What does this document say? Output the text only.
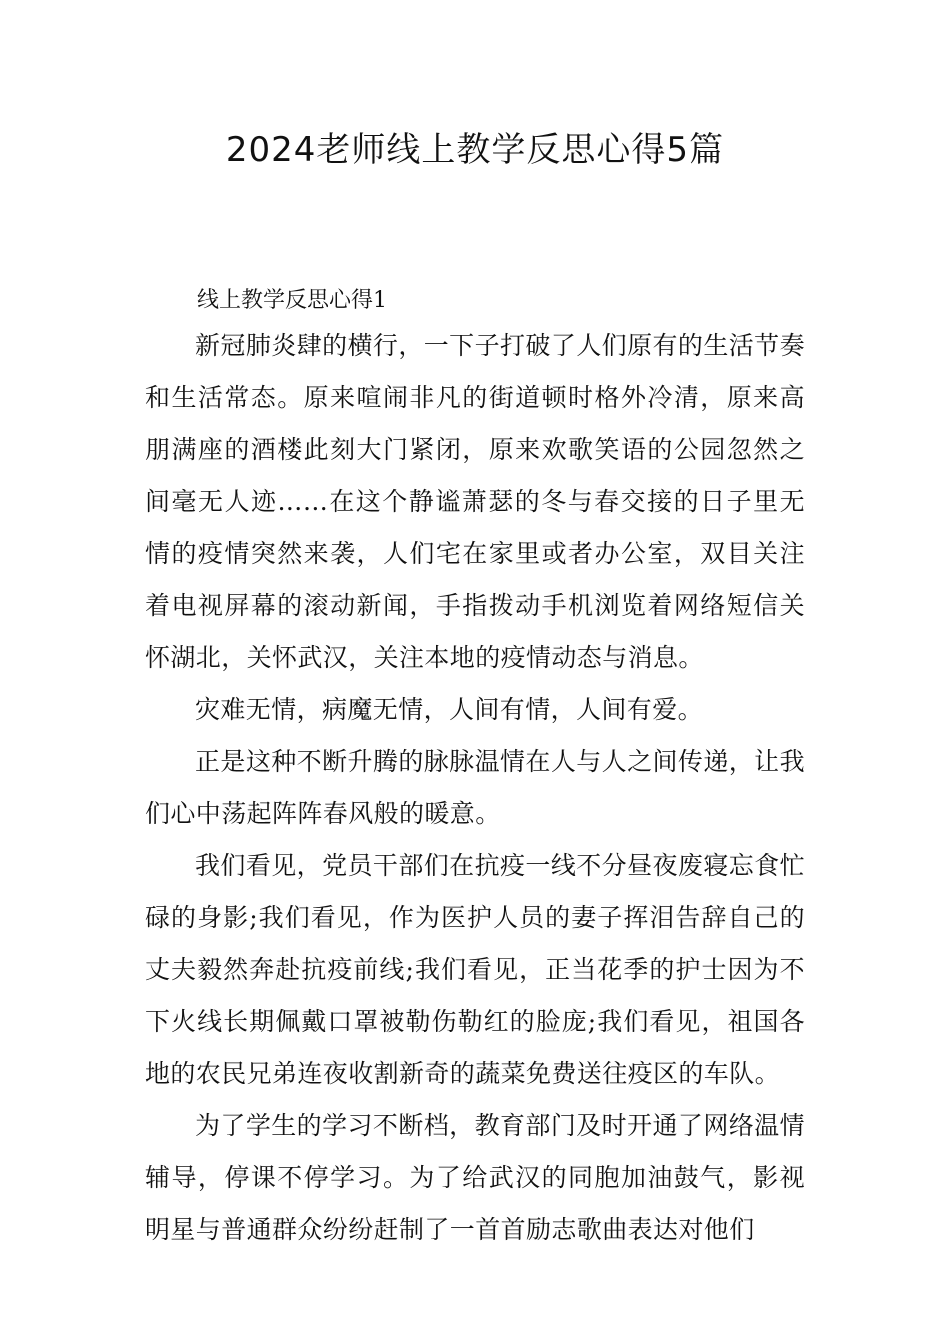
2024老师线上教学反思心得5篇

线上教学反思心得1

新冠肺炎肆的横行，一下子打破了人们原有的生活节奏和生活常态。原来喧闹非凡的街道顿时格外冷清，原来高朋满座的酒楼此刻大门紧闭，原来欢歌笑语的公园忽然之间毫无人迹……在这个静谧萧瑟的冬与春交接的日子里无情的疫情突然来袭，人们宅在家里或者办公室，双目关注着电视屏幕的滚动新闻，手指拨动手机浏览着网络短信关怀湖北，关怀武汉，关注本地的疫情动态与消息。

灾难无情，病魔无情，人间有情，人间有爱。

正是这种不断升腾的脉脉温情在人与人之间传递，让我们心中荡起阵阵春风般的暖意。

我们看见，党员干部们在抗疫一线不分昼夜废寝忘食忙碌的身影;我们看见，作为医护人员的妻子挥泪告辞自己的丈夫毅然奔赴抗疫前线;我们看见，正当花季的护士因为不下火线长期佩戴口罩被勒伤勒红的脸庞;我们看见，祖国各地的农民兄弟连夜收割新奇的蔬菜免费送往疫区的车队。

为了学生的学习不断档，教育部门及时开通了网络温情辅导，停课不停学习。为了给武汉的同胞加油鼓气，影视明星与普通群众纷纷赶制了一首首励志歌曲表达对他们
